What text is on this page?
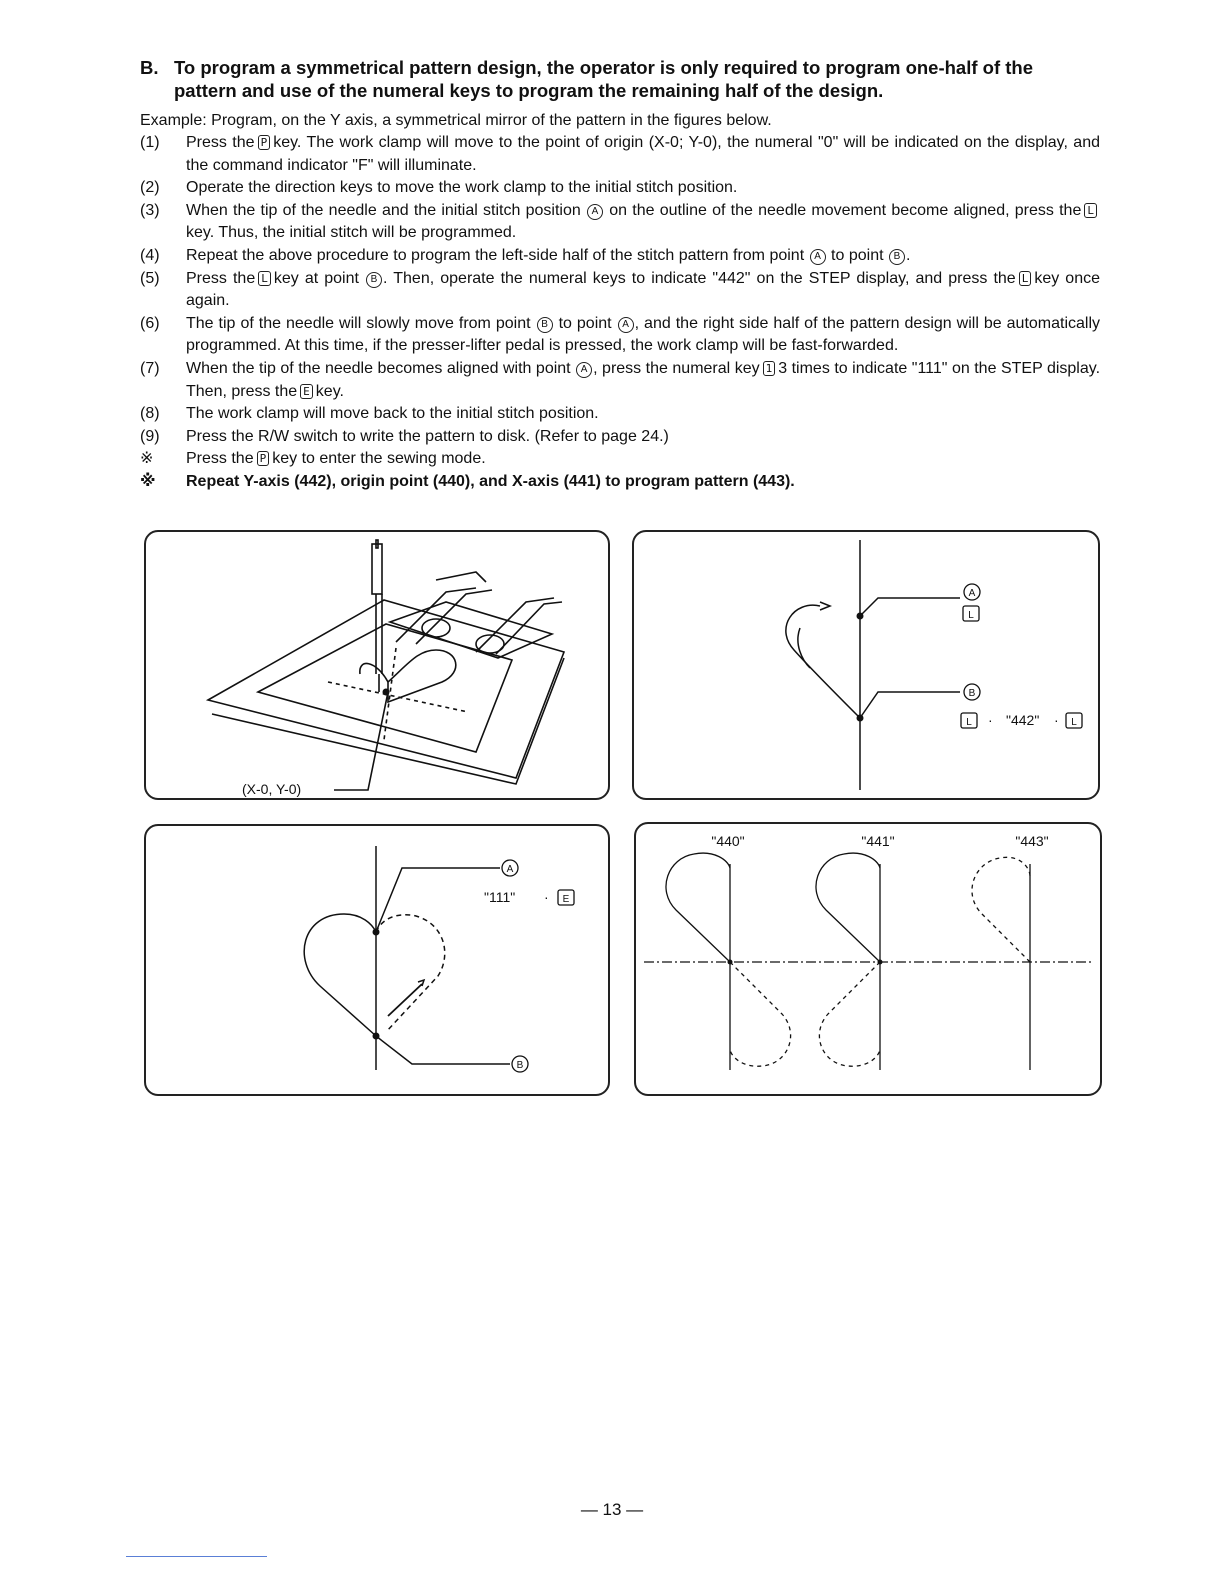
B. To program a symmetrical pattern design, the operator is only required to program one-half of the
pattern and use of the numeral keys to program the remaining half of the design.
Example: Program, on the Y axis, a symmetrical mirror of the pattern in the figures below.
(1) Press the P key. The work clamp will move to the point of origin (X-0; Y-0), the numeral "0" will be indicated on the display, and the command indicator "F" will illuminate.
(2) Operate the direction keys to move the work clamp to the initial stitch position.
(3) When the tip of the needle and the initial stitch position A on the outline of the needle movement become aligned, press the Lkey. Thus, the initial stitch will be programmed.
(4) Repeat the above procedure to program the left-side half of the stitch pattern from point A to point B .
(5) Press the L key at point B . Then, operate the numeral keys to indicate "442" on the STEP display, and press the L key once again.
(6) The tip of the needle will slowly move from point B to point A , and the right side half of the pattern design will be automatically programmed. At this time, if the presser-lifter pedal is pressed, the work clamp will be fast-forwarded.
(7) When the tip of the needle becomes aligned with point A , press the numeral key 1 3 times to indicate "111" on the STEP display. Then, press the E key.
(8) The work clamp will move back to the initial stitch position.
(9) Press the R/W switch to write the pattern to disk. (Refer to page 24.)
※ Press the P key to enter the sewing mode.
※ Repeat Y-axis (442), origin point (440), and X-axis (441) to program pattern (443).
(X-0, Y-0)
A
L
B
L · "442" · L
A
"111" · E
B
"440"	"441"	"443"
— 13 —
